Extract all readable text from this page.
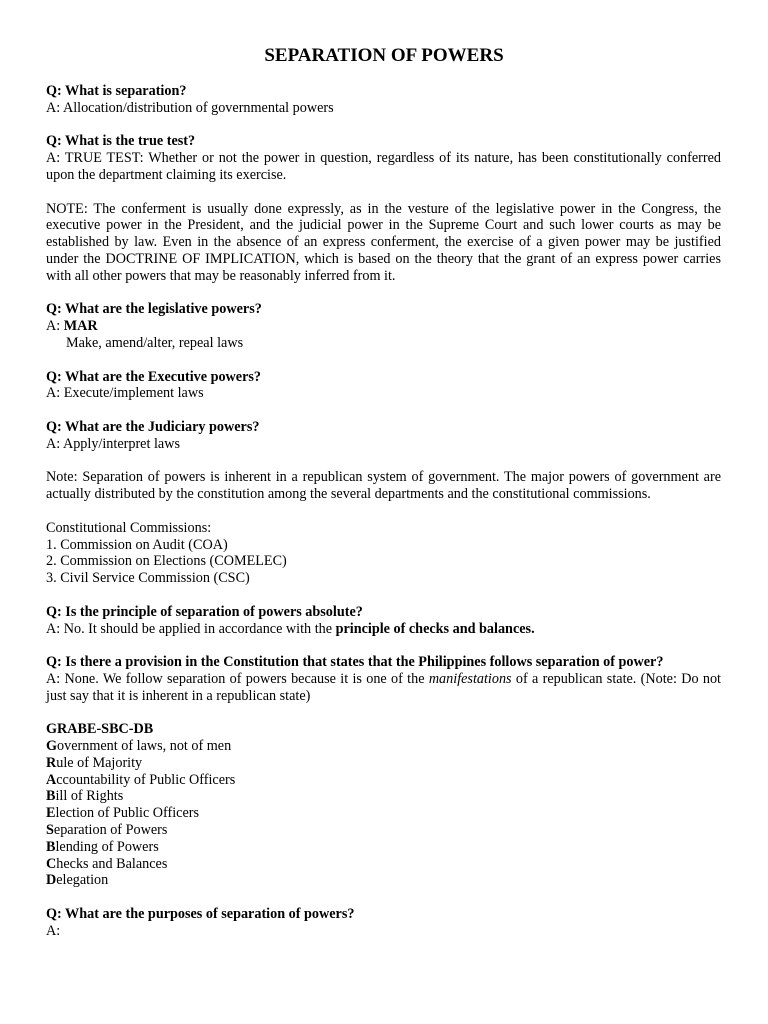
SEPARATION OF POWERS

Q: What is separation?

A: Allocation/distribution of governmental powers

Q: What is the true test?

A: TRUE TEST: Whether or not the power in question, regardless of its nature, has been constitutionally conferred upon the department claiming its exercise.

NOTE: The conferment is usually done expressly, as in the vesture of the legislative power in the Congress, the executive power in the President, and the judicial power in the Supreme Court and such lower courts as may be established by law. Even in the absence of an express conferment, the exercise of a given power may be justified under the DOCTRINE OF IMPLICATION, which is based on the theory that the grant of an express power carries with all other powers that may be reasonably inferred from it.

Q: What are the legislative powers?

A: MAR

Make, amend/alter, repeal laws

Q: What are the Executive powers?

A: Execute/implement laws

Q: What are the Judiciary powers?

A: Apply/interpret laws

Note: Separation of powers is inherent in a republican system of government. The major powers of government are actually distributed by the constitution among the several departments and the constitutional commissions.

Constitutional Commissions:

1. Commission on Audit (COA)

2. Commission on Elections (COMELEC)

3. Civil Service Commission (CSC)

Q: Is the principle of separation of powers absolute?

A: No. It should be applied in accordance with the principle of checks and balances.

Q: Is there a provision in the Constitution that states that the Philippines follows separation of power?

A: None. We follow separation of powers because it is one of the manifestations of a republican state. (Note: Do not just say that it is inherent in a republican state)

GRABE-SBC-DB

Government of laws, not of men

Rule of Majority

Accountability of Public Officers

Bill of Rights

Election of Public Officers

Separation of Powers

Blending of Powers

Checks and Balances

Delegation

Q: What are the purposes of separation of powers?

A:
